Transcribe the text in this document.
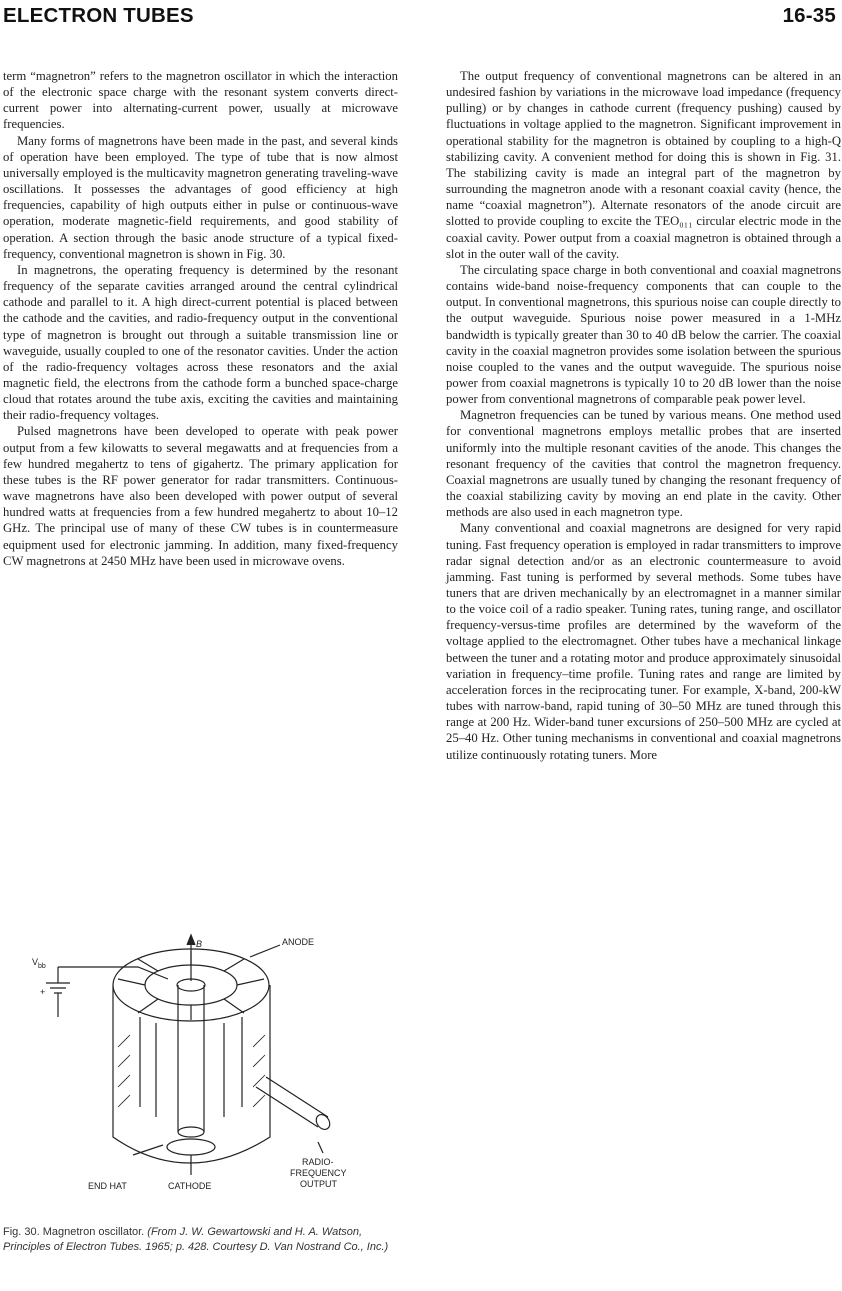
ELECTRON TUBES	16-35

term “magnetron” refers to the magnetron oscillator in which the interaction of the electronic space charge with the resonant system converts direct-current power into alternating-current power, usually at microwave frequencies.

Many forms of magnetrons have been made in the past, and several kinds of operation have been employed. The type of tube that is now almost universally employed is the multicavity magnetron generating traveling-wave oscillations. It possesses the advantages of good efficiency at high frequencies, capability of high outputs either in pulse or continuous-wave operation, moderate magnetic-field requirements, and good stability of operation. A section through the basic anode structure of a typical fixed-frequency, conventional magnetron is shown in Fig. 30.

In magnetrons, the operating frequency is determined by the resonant frequency of the separate cavities arranged around the central cylindrical cathode and parallel to it. A high direct-current potential is placed between the cathode and the cavities, and radio-frequency output in the conventional type of magnetron is brought out through a suitable transmission line or waveguide, usually coupled to one of the resonator cavities. Under the action of the radio-frequency voltages across these resonators and the axial magnetic field, the electrons from the cathode form a bunched space-charge cloud that rotates around the tube axis, exciting the cavities and maintaining their radio-frequency voltages.

Pulsed magnetrons have been developed to operate with peak power output from a few kilowatts to several megawatts and at frequencies from a few hundred megahertz to tens of gigahertz. The primary application for these tubes is the RF power generator for radar transmitters. Continuous-wave magnetrons have also been developed with power output of several hundred watts at frequencies from a few hundred megahertz to about 10–12 GHz. The principal use of many of these CW tubes is in countermeasure equipment used for electronic jamming. In addition, many fixed-frequency CW magnetrons at 2450 MHz have been used in microwave ovens.

$V_{bb}$
+
B	ANODE
END HAT	CATHODE
RADIO-
FREQUENCY
OUTPUT
Fig. 30. Magnetron oscillator. (From J. W. Gewartowski and H. A. Watson, Principles of Electron Tubes. 1965; p. 428. Courtesy D. Van Nostrand Co., Inc.)

The output frequency of conventional magnetrons can be altered in an undesired fashion by variations in the microwave load impedance (frequency pulling) or by changes in cathode current (frequency pushing) caused by fluctuations in voltage applied to the magnetron. Significant improvement in operational stability for the magnetron is obtained by coupling to a high-Q stabilizing cavity. A convenient method for doing this is shown in Fig. 31. The stabilizing cavity is made an integral part of the magnetron by surrounding the magnetron anode with a resonant coaxial cavity (hence, the name “coaxial magnetron”). Alternate resonators of the anode circuit are slotted to provide coupling to excite the TEO₀₁₁ circular electric mode in the coaxial cavity. Power output from a coaxial magnetron is obtained through a slot in the outer wall of the cavity.

The circulating space charge in both conventional and coaxial magnetrons contains wide-band noise-frequency components that can couple to the output. In conventional magnetrons, this spurious noise can couple directly to the output waveguide. Spurious noise power measured in a 1-MHz bandwidth is typically greater than 30 to 40 dB below the carrier. The coaxial cavity in the coaxial magnetron provides some isolation between the spurious noise coupled to the vanes and the output waveguide. The spurious noise power from coaxial magnetrons is typically 10 to 20 dB lower than the noise power from conventional magnetrons of comparable peak power level.

Magnetron frequencies can be tuned by various means. One method used for conventional magnetrons employs metallic probes that are inserted uniformly into the multiple resonant cavities of the anode. This changes the resonant frequency of the cavities that control the magnetron frequency. Coaxial magnetrons are usually tuned by changing the resonant frequency of the coaxial stabilizing cavity by moving an end plate in the cavity. Other methods are also used in each magnetron type.

Many conventional and coaxial magnetrons are designed for very rapid tuning. Fast frequency operation is employed in radar transmitters to improve radar signal detection and/or as an electronic countermeasure to avoid jamming. Fast tuning is performed by several methods. Some tubes have tuners that are driven mechanically by an electromagnet in a manner similar to the voice coil of a radio speaker. Tuning rates, tuning range, and oscillator frequency-versus-time profiles are determined by the waveform of the voltage applied to the electromagnet. Other tubes have a mechanical linkage between the tuner and a rotating motor and produce approximately sinusoidal variation in frequency–time profile. Tuning rates and range are limited by acceleration forces in the reciprocating tuner. For example, X-band, 200-kW tubes with narrow-band, rapid tuning of 30–50 MHz are tuned through this range at 200 Hz. Wider-band tuner excursions of 250–500 MHz are cycled at 25–40 Hz. Other tuning mechanisms in conventional and coaxial magnetrons utilize continuously rotating tuners. More
